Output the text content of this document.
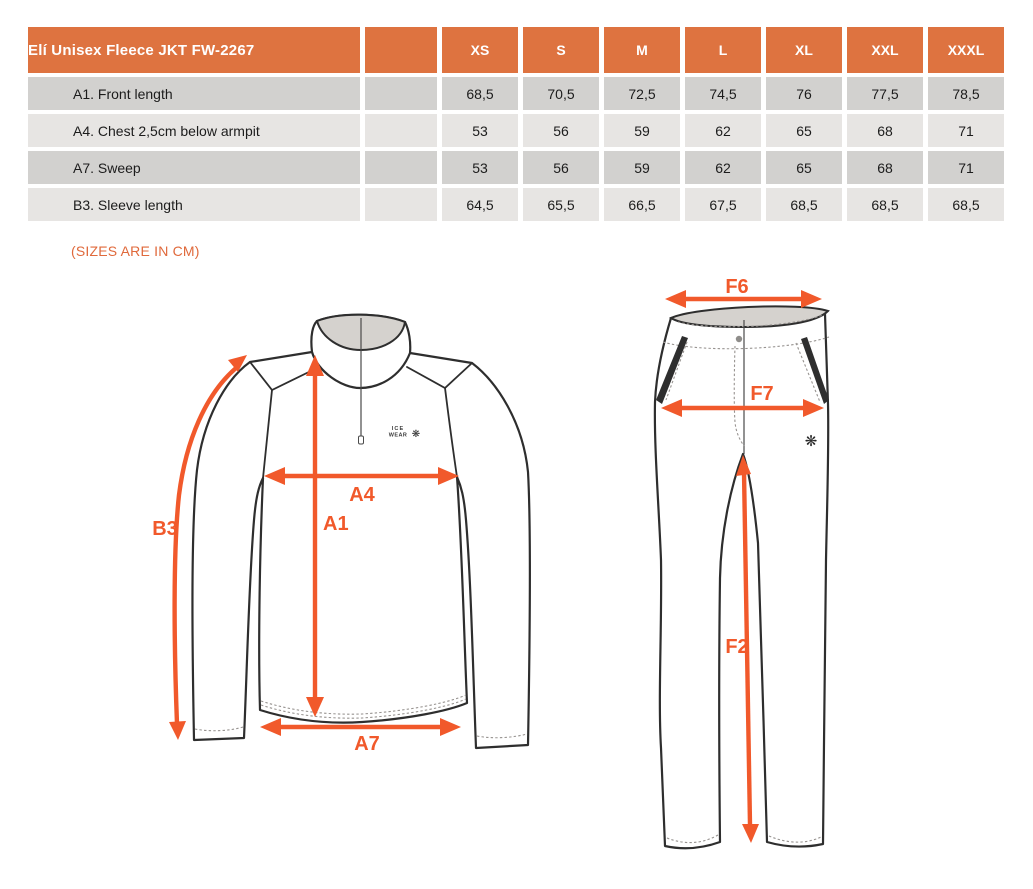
Elí Unisex Fleece JKT FW-2267		XS	S	M	L	XL	XXL	XXXL
A1. Front length		68,5	70,5	72,5	74,5	76	77,5	78,5
A4. Chest 2,5cm below armpit		53	56	59	62	65	68	71
A7. Sweep		53	56	59	62	65	68	71
B3. Sleeve length		64,5	65,5	66,5	67,5	68,5	68,5	68,5
(SIZES ARE IN CM)
ICE
WEAR ❋
A1
A4
A7
B3
❋
F6
F7
F2
